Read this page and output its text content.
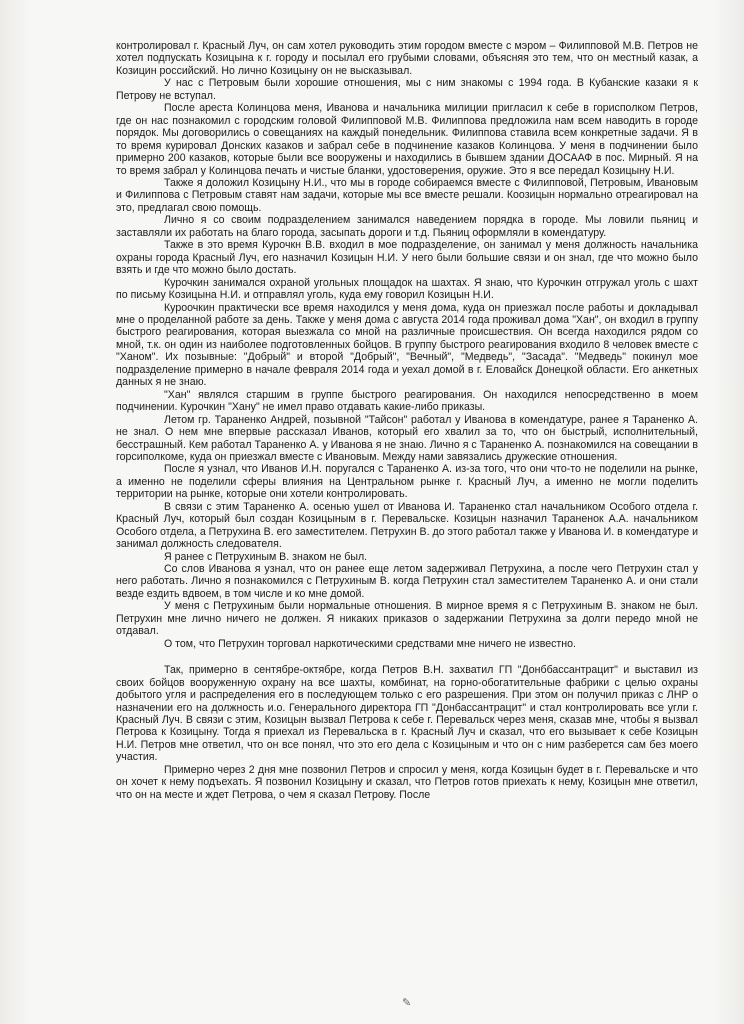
контролировал г. Красный Луч, он сам хотел руководить этим городом вместе с мэром – Филипповой М.В. Петров не хотел подпускать Козицына к г. городу и посылал его грубыми словами, объясняя это тем, что он местный казак, а Козицин российский. Но лично Козицыну он не высказывал.

У нас с Петровым были хорошие отношения, мы с ним знакомы с 1994 года. В Кубанские казаки я к Петрову не вступал.

После ареста Колинцова меня, Иванова и начальника милиции пригласил к себе в горисполком Петров, где он нас познакомил с городским головой Филипповой М.В. Филиппова предложила нам всем наводить в городе порядок. Мы договорились о совещаниях на каждый понедельник. Филиппова ставила всем конкретные задачи. Я в то время курировал Донских казаков и забрал себе в подчинение казаков Колинцова. У меня в подчинении было примерно 200 казаков, которые были все вооружены и находились в бывшем здании ДОСААФ в пос. Мирный. Я на то время забрал у Колинцова печать и чистые бланки, удостоверения, оружие. Это я все передал Козицыну Н.И.

Также я доложил Козицыну Н.И., что мы в городе собираемся вместе с Филипповой, Петровым, Ивановым и Филиппова с Петровым ставят нам задачи, которые мы все вместе решали. Коозицын нормально отреагировал на это, предлагал свою помощь.

Лично я со своим подразделением занимался наведением порядка в городе. Мы ловили пьяниц и заставляли их работать на благо города, засыпать дороги и т.д. Пьяниц оформляли в комендатуру.

Также в это время Курочкн В.В. входил в мое подразделение, он занимал у меня должность начальника охраны города Красный Луч, его назначил Козицын Н.И. У него были большие связи и он знал, где что можно было взять и где что можно было достать.

Курочкин занимался охраной угольных площадок на шахтах. Я знаю, что Курочкин отгружал уголь с шахт по письму Козицына Н.И. и отправлял уголь, куда ему говорил Козицын Н.И.

Куроочкин практически все время находился у меня дома, куда он приезжал после работы и докладывал мне о проделанной работе за день. Также у меня дома с августа 2014 года проживал дома "Хан", он входил в группу быстрого реагирования, которая выезжала со мной на различные происшествия. Он всегда находился рядом со мной, т.к. он один из наиболее подготовленных бойцов. В группу быстрого реагирования входило 8 человек вместе с "Ханом". Их позывные: "Добрый" и второй "Добрый", "Вечный", "Медведь", "Засада". "Медведь" покинул мое подразделение примерно в начале февраля 2014 года и уехал домой в г. Еловайск Донецкой области. Его анкетных данных я не знаю.

"Хан" являлся старшим в группе быстрого реагирования. Он находился непосредственно в моем подчинении. Курочкин "Хану" не имел право отдавать какие-либо приказы.

Летом гр. Тараненко Андрей, позывной "Тайсон" работал у Иванова в комендатуре, ранее я Тараненко А. не знал. О нем мне впервые рассказал Иванов, который его хвалил за то, что он быстрый, исполнительный, бесстрашный. Кем работал Тараненко А. у Иванова я не знаю. Лично я с Тараненко А. познакомился на совещании в горсиполкоме, куда он приезжал вместе с Ивановым. Между нами завязались дружеские отношения.

После я узнал, что Иванов И.Н. поругался с Тараненко А. из-за того, что они что-то не поделили на рынке, а именно не поделили сферы влияния на Центральном рынке г. Красный Луч, а именно не могли поделить территории на рынке, которые они хотели контролировать.

В связи с этим Тараненко А. осенью ушел от Иванова И. Тараненко стал начальником Особого отдела г. Красный Луч, который был создан Козицыным в г. Перевальске. Козицын назначил Тараненок А.А. начальником Особого отдела, а Петрухина В. его заместителем. Петрухин В. до этого работал также у Иванова И. в комендатуре и занимал должность следователя.

Я ранее с Петрухиным В. знаком не был.

Со слов Иванова я узнал, что он ранее еще летом задерживал Петрухина, а после чего Петрухин стал у него работать. Лично я познакомился с Петрухиным В. когда Петрухин стал заместителем Тараненко А. и они стали везде ездить вдвоем, в том числе и ко мне домой.

У меня с Петрухиным были нормальные отношения. В мирное время я с Петрухиным В. знаком не был. Петрухин мне лично ничего не должен. Я никаких приказов о задержании Петрухина за долги передо мной не отдавал.

О том, что Петрухин торговал наркотическими средствами мне ничего не известно.

Так, примерно в сентябре-октябре, когда Петров В.Н. захватил ГП "Донббассантрацит" и выставил из своих бойцов вооруженную охрану на все шахты, комбинат, на горно-обогатительные фабрики с целью охраны добытого угля и распределения его в последующем только с его разрешения. При этом он получил приказ с ЛНР о назначении его на должность и.о. Генерального директора ГП "Донбассантрацит" и стал контролировать все угли г. Красный Луч. В связи с этим, Козицын вызвал Петрова к себе г. Перевальск через меня, сказав мне, чтобы я вызвал Петрова к Козицыну. Тогда я приехал из Перевальска в г. Красный Луч и сказал, что его вызывает к себе Козицын Н.И. Петров мне ответил, что он все понял, что это его дела с Козицыным и что он с ним разберется сам без моего участия.

Примерно через 2 дня мне позвонил Петров и спросил у меня, когда Козицын будет в г. Перевальске и что он хочет к нему подъехать. Я позвонил Козицыну и сказал, что Петров готов приехать к нему, Козицын мне ответил, что он на месте и ждет Петрова, о чем я сказал Петрову. После

✎
